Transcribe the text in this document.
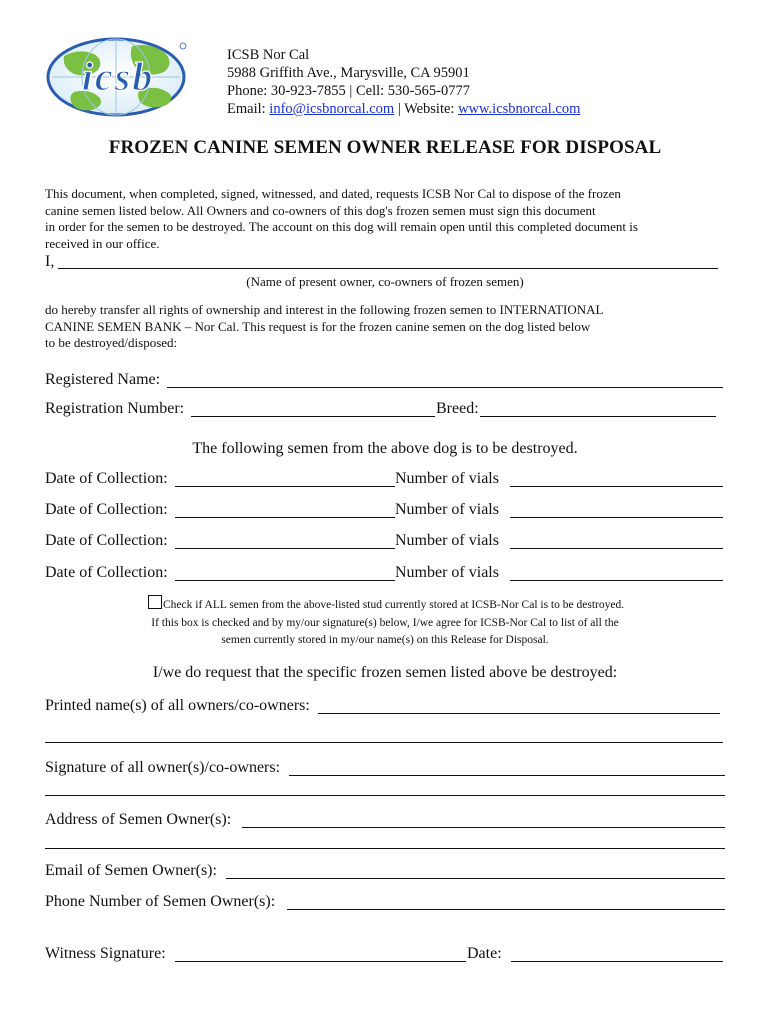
icsb	ICSB Nor Cal
5988 Griffith Ave., Marysville, CA 95901
Phone: 30-923-7855 | Cell: 530-565-0777
Email: info@icsbnorcal.com | Website: www.icsbnorcal.com
FROZEN CANINE SEMEN OWNER RELEASE FOR DISPOSAL
This document, when completed, signed, witnessed, and dated, requests ICSB Nor Cal to dispose of the frozen
canine semen listed below. All Owners and co-owners of this dog's frozen semen must sign this document
in order for the semen to be destroyed. The account on this dog will remain open until this completed document is
received in our office.
I,
(Name of present owner, co-owners of frozen semen)
do hereby transfer all rights of ownership and interest in the following frozen semen to INTERNATIONAL
CANINE SEMEN BANK – Nor Cal. This request is for the frozen canine semen on the dog listed below
to be destroyed/disposed:
Registered Name:
Registration Number:	Breed:
The following semen from the above dog is to be destroyed.
Date of Collection:	Number of vials
Date of Collection:	Number of vials
Date of Collection:	Number of vials
Date of Collection:	Number of vials
Check if ALL semen from the above-listed stud currently stored at ICSB-Nor Cal is to be destroyed.
If this box is checked and by my/our signature(s) below, I/we agree for ICSB-Nor Cal to list of all the
semen currently stored in my/our name(s) on this Release for Disposal.
I/we do request that the specific frozen semen listed above be destroyed:
Printed name(s) of all owners/co-owners:
Signature of all owner(s)/co-owners:
Address of Semen Owner(s):
Email of Semen Owner(s):
Phone Number of Semen Owner(s):
Witness Signature:	Date:
